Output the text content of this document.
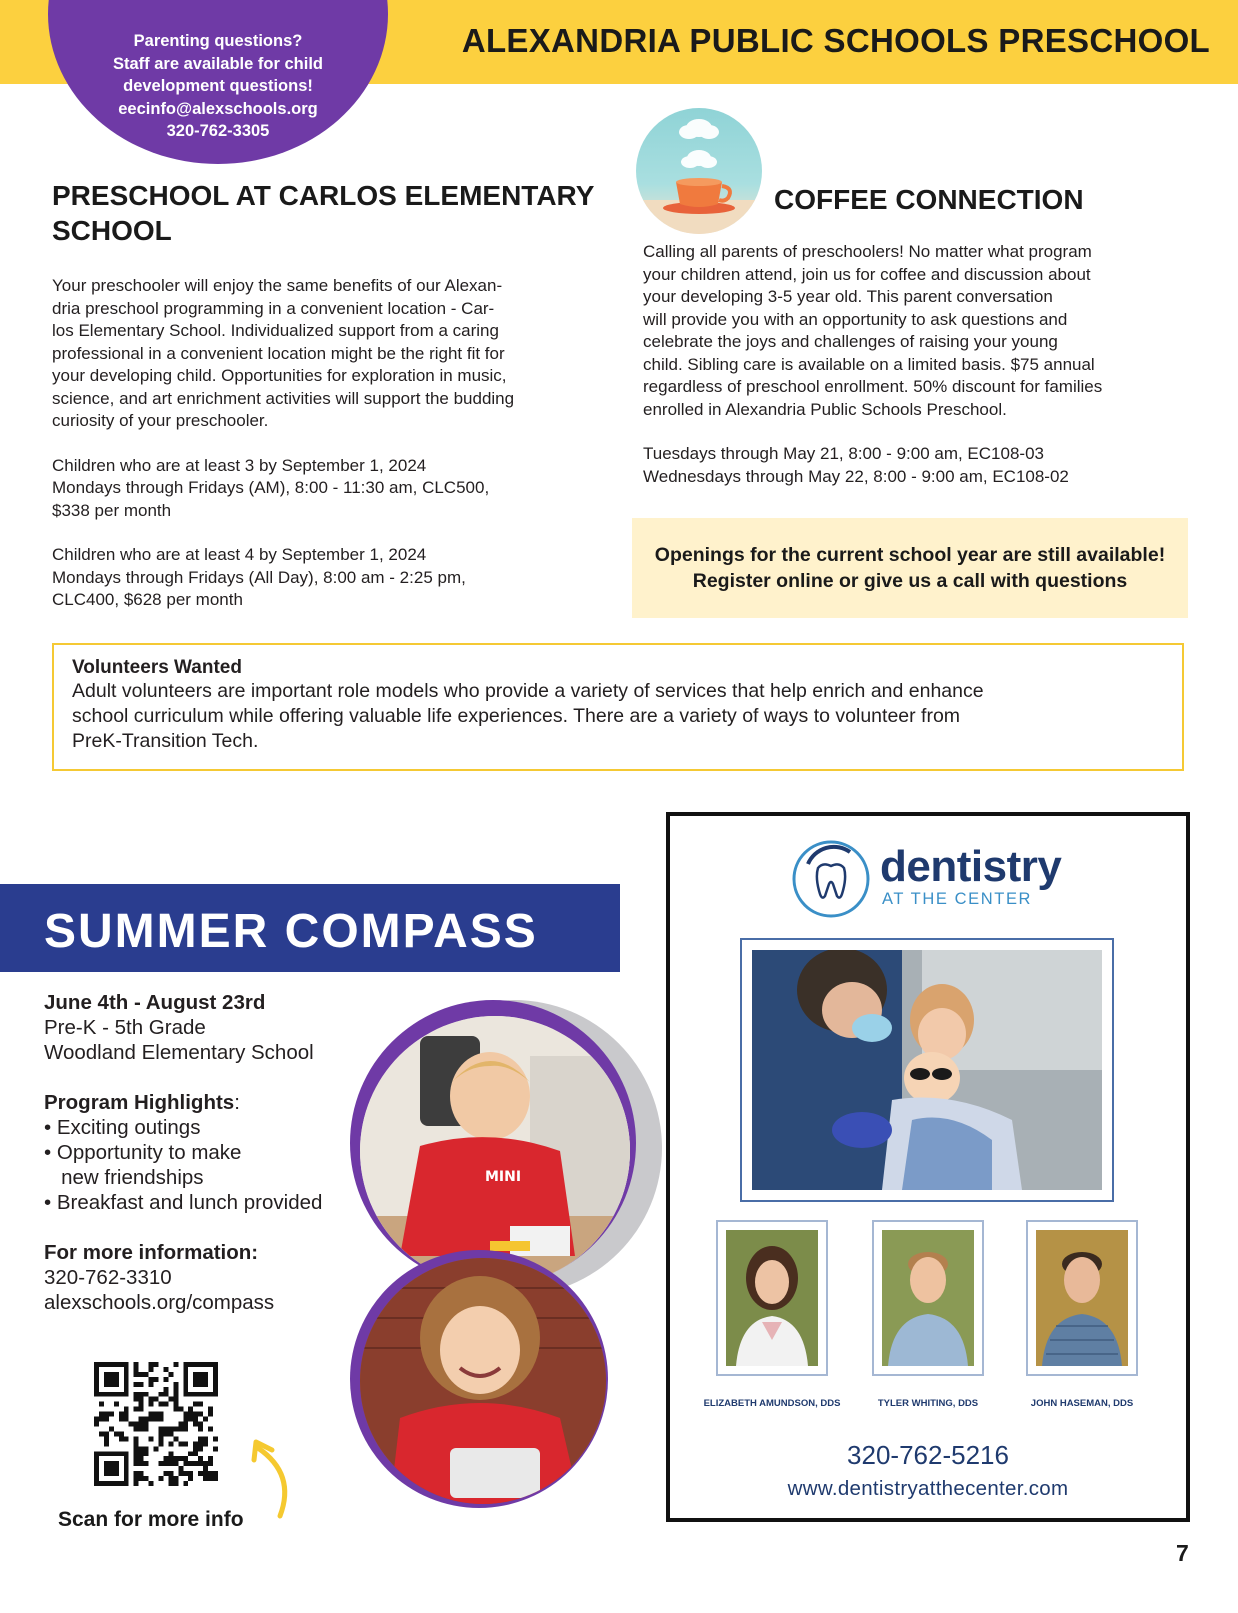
ALEXANDRIA PUBLIC SCHOOLS PRESCHOOL
Parenting questions?
Staff are available for child
development questions!
eecinfo@alexschools.org
320-762-3305
PRESCHOOL AT CARLOS ELEMENTARY
SCHOOL

Your preschooler will enjoy the same benefits of our Alexan-

dria preschool programming in a convenient location - Car-

los Elementary School. Individualized support from a caring

professional in a convenient location might be the right fit for

your developing child. Opportunities for exploration in music,

science, and art enrichment activities will support the budding

curiosity of your preschooler.

Children who are at least 3 by September 1, 2024

Mondays through Fridays (AM), 8:00 - 11:30 am, CLC500,

$338 per month

Children who are at least 4 by September 1, 2024

Mondays through Fridays (All Day), 8:00 am - 2:25 pm,

CLC400, $628 per month

COFFEE CONNECTION

Calling all parents of preschoolers! No matter what program

your children attend, join us for coffee and discussion about

your developing 3-5 year old. This parent conversation

will provide you with an opportunity to ask questions and

celebrate the joys and challenges of raising your young

child. Sibling care is available on a limited basis. $75 annual

regardless of preschool enrollment. 50% discount for families

enrolled in Alexandria Public Schools Preschool.

Tuesdays through May 21, 8:00 - 9:00 am, EC108-03

Wednesdays through May 22, 8:00 - 9:00 am, EC108-02

Openings for the current school year are still available!
Register online or give us a call with questions
Volunteers Wanted
Adult volunteers are important role models who provide a variety of services that help enrich and enhance
school curriculum while offering valuable life experiences. There are a variety of ways to volunteer from
PreK-Transition Tech.
SUMMER COMPASS
June 4th - August 23rd
Pre-K - 5th Grade
Woodland Elementary School
Program Highlights:
• Exciting outings
• Opportunity to make
new friendships
• Breakfast and lunch provided
For more information:
320-762-3310
alexschools.org/compass
MINI
Scan for more info
dentistry
AT THE CENTER
ELIZABETH AMUNDSON, DDS	TYLER WHITING, DDS	JOHN HASEMAN, DDS
320-762-5216
www.dentistryatthecenter.com
7
